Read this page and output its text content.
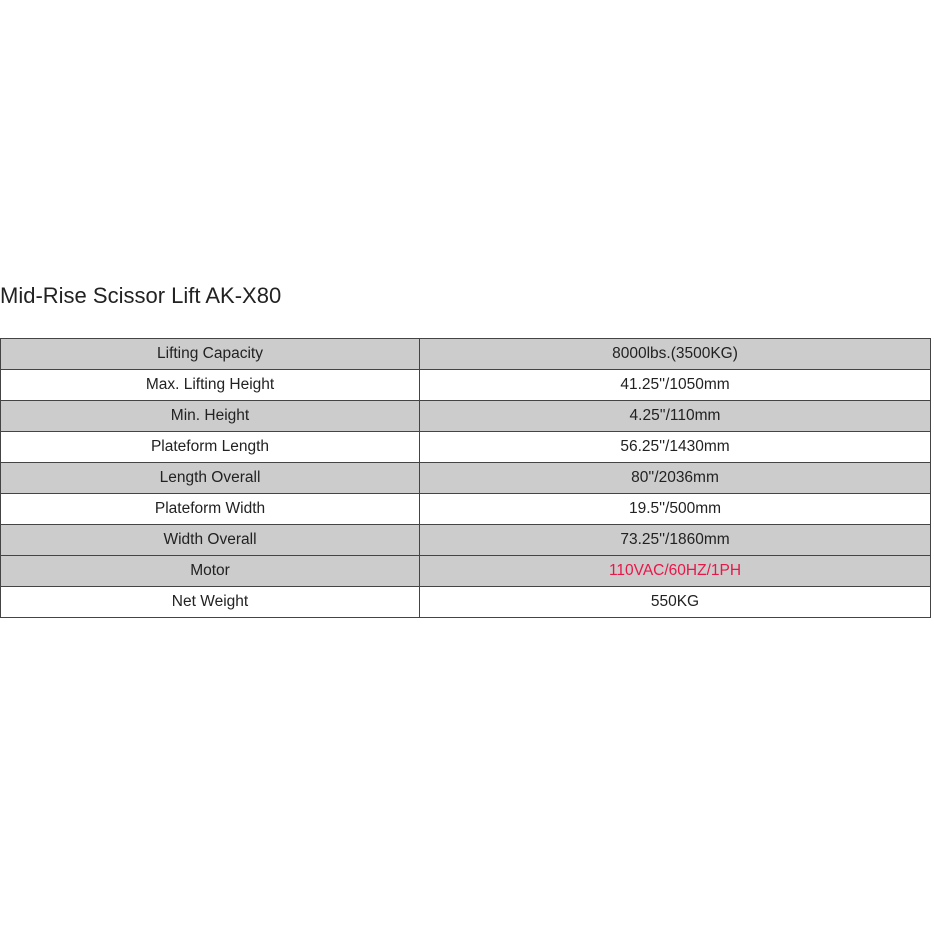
Mid-Rise Scissor Lift AK-X80
Lifting Capacity	8000lbs.(3500KG)
Max. Lifting Height	41.25''/1050mm
Min. Height	4.25''/110mm
Plateform Length	56.25''/1430mm
Length Overall	80''/2036mm
Plateform Width	19.5''/500mm
Width Overall	73.25''/1860mm
Motor	110VAC/60HZ/1PH
Net Weight	550KG
